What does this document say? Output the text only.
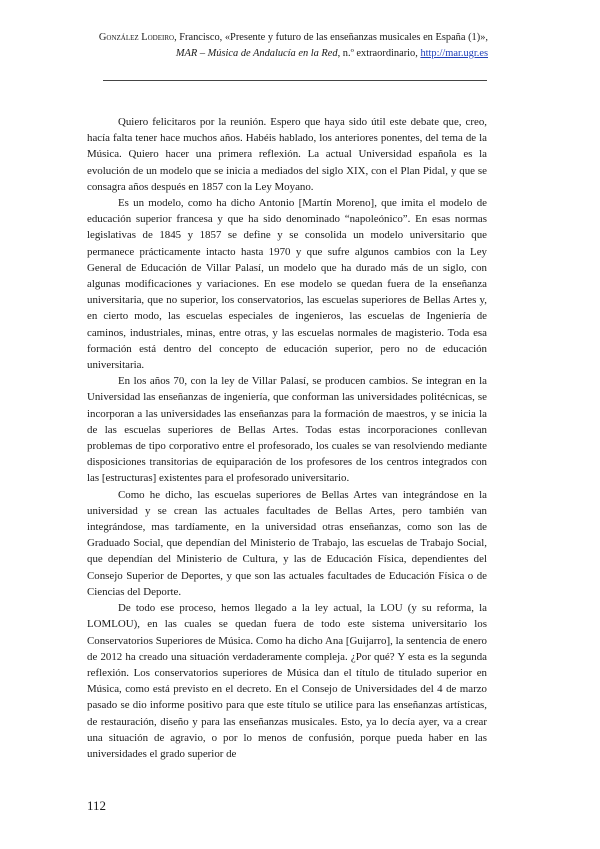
González Lodeiro, Francisco, «Presente y futuro de las enseñanzas musicales en España (1)»,
MAR – Música de Andalucía en la Red, n.º extraordinario, http://mar.ugr.es

Quiero felicitaros por la reunión. Espero que haya sido útil este debate que, creo, hacía falta tener hace muchos años. Habéis hablado, los anteriores ponentes, del tema de la Música. Quiero hacer una primera reflexión. La actual Universidad española es la evolución de un modelo que se inicia a mediados del siglo XIX, con el Plan Pidal, y que se consagra años después en 1857 con la Ley Moyano.

Es un modelo, como ha dicho Antonio [Martín Moreno], que imita el modelo de educación superior francesa y que ha sido denominado “napoleónico”. En esas normas legislativas de 1845 y 1857 se define y se consolida un modelo universitario que permanece prácticamente intacto hasta 1970 y que sufre algunos cambios con la Ley General de Educación de Villar Palasí, un modelo que ha durado más de un siglo, con algunas modificaciones y variaciones. En ese modelo se quedan fuera de la enseñanza universitaria, que no superior, los conservatorios, las escuelas superiores de Bellas Artes y, en cierto modo, las escuelas especiales de ingenieros, las escuelas de Ingeniería de caminos, industriales, minas, entre otras, y las escuelas normales de magisterio. Toda esa formación está dentro del concepto de educación superior, pero no de educación universitaria.

En los años 70, con la ley de Villar Palasí, se producen cambios. Se integran en la Universidad las enseñanzas de ingeniería, que conforman las universidades politécnicas, se incorporan a las universidades las enseñanzas para la formación de maestros, y se inicia la de las escuelas superiores de Bellas Artes. Todas estas incorporaciones conllevan problemas de tipo corporativo entre el profesorado, los cuales se van resolviendo mediante disposiciones transitorias de equiparación de los profesores de los centros integrados con las [estructuras] existentes para el profesorado universitario.

Como he dicho, las escuelas superiores de Bellas Artes van integrándose en la universidad y se crean las actuales facultades de Bellas Artes, pero también van integrándose, mas tardíamente, en la universidad otras enseñanzas, como son las de Graduado Social, que dependían del Ministerio de Trabajo, las escuelas de Trabajo Social, que dependían del Ministerio de Cultura, y las de Educación Física, dependientes del Consejo Superior de Deportes, y que son las actuales facultades de Educación Física o de Ciencias del Deporte.

De todo ese proceso, hemos llegado a la ley actual, la LOU (y su reforma, la LOMLOU), en las cuales se quedan fuera de todo este sistema universitario los Conservatorios Superiores de Música. Como ha dicho Ana [Guijarro], la sentencia de enero de 2012 ha creado una situación verdaderamente compleja. ¿Por qué? Y esta es la segunda reflexión. Los conservatorios superiores de Música dan el título de titulado superior en Música, como está previsto en el decreto. En el Consejo de Universidades del 4 de marzo pasado se dio informe positivo para que este título se utilice para las enseñanzas artísticas, de restauración, diseño y para las enseñanzas musicales. Esto, ya lo decía ayer, va a crear una situación de agravio, o por lo menos de confusión, porque pueda haber en las universidades el grado superior de

112
